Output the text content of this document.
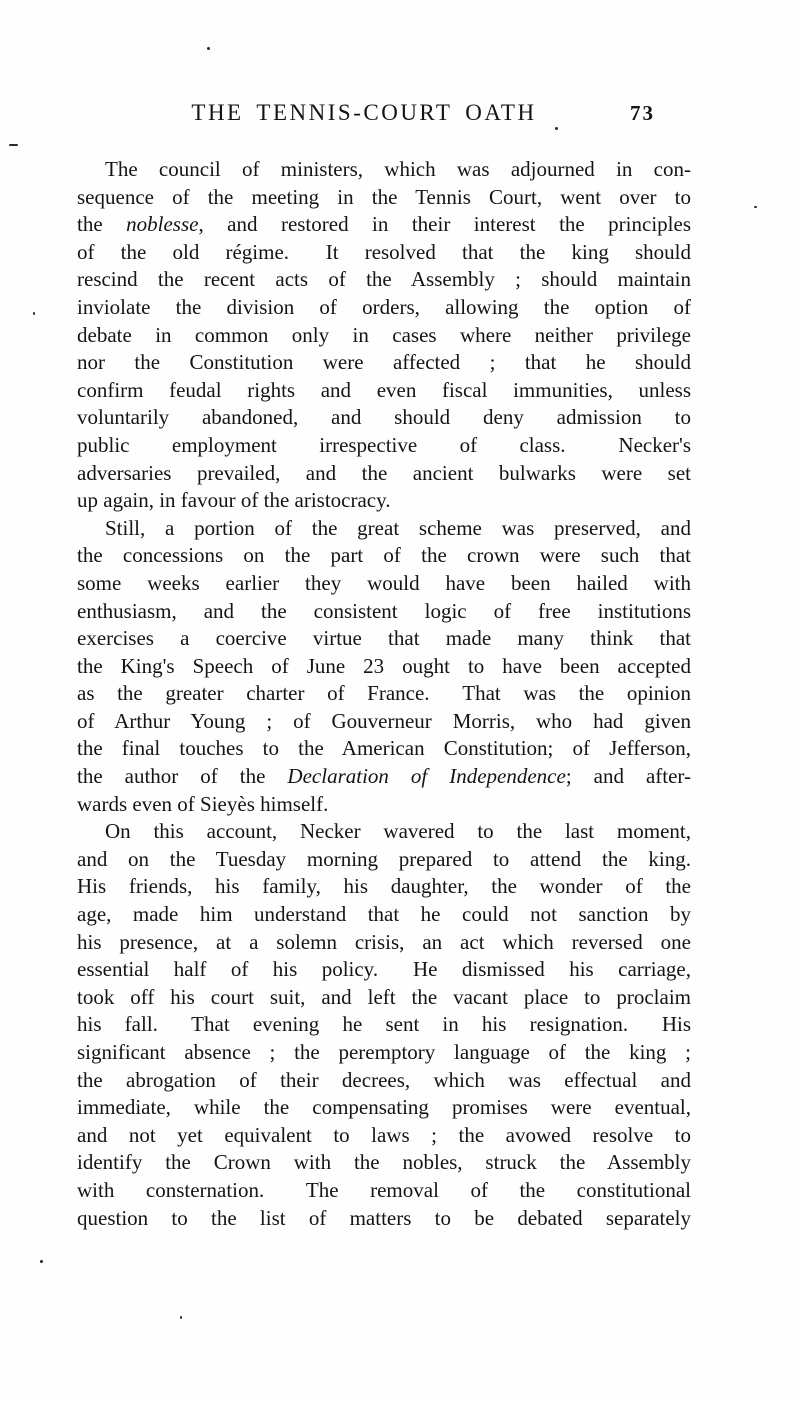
THE TENNIS-COURT OATH	73
The council of ministers, which was adjourned in con-
sequence of the meeting in the Tennis Court, went over to
the noblesse, and restored in their interest the principles
of the old régime.  It resolved that the king should
rescind the recent acts of the Assembly ; should maintain
inviolate the division of orders, allowing the option of
debate in common only in cases where neither privilege
nor the Constitution were affected ; that he should
confirm feudal rights and even fiscal immunities, unless
voluntarily abandoned, and should deny admission to
public employment irrespective of class.  Necker's
adversaries prevailed, and the ancient bulwarks were set
up again, in favour of the aristocracy.
Still, a portion of the great scheme was preserved, and
the concessions on the part of the crown were such that
some weeks earlier they would have been hailed with
enthusiasm, and the consistent logic of free institutions
exercises a coercive virtue that made many think that
the King's Speech of June 23 ought to have been accepted
as the greater charter of France.  That was the opinion
of Arthur Young ; of Gouverneur Morris, who had given
the final touches to the American Constitution; of Jefferson,
the author of the Declaration of Independence; and after-
wards even of Sieyès himself.
On this account, Necker wavered to the last moment,
and on the Tuesday morning prepared to attend the king.
His friends, his family, his daughter, the wonder of the
age, made him understand that he could not sanction by
his presence, at a solemn crisis, an act which reversed one
essential half of his policy.  He dismissed his carriage,
took off his court suit, and left the vacant place to proclaim
his fall.  That evening he sent in his resignation.  His
significant absence ; the peremptory language of the king ;
the abrogation of their decrees, which was effectual and
immediate, while the compensating promises were eventual,
and not yet equivalent to laws ; the avowed resolve to
identify the Crown with the nobles, struck the Assembly
with consternation.  The removal of the constitutional
question to the list of matters to be debated separately
